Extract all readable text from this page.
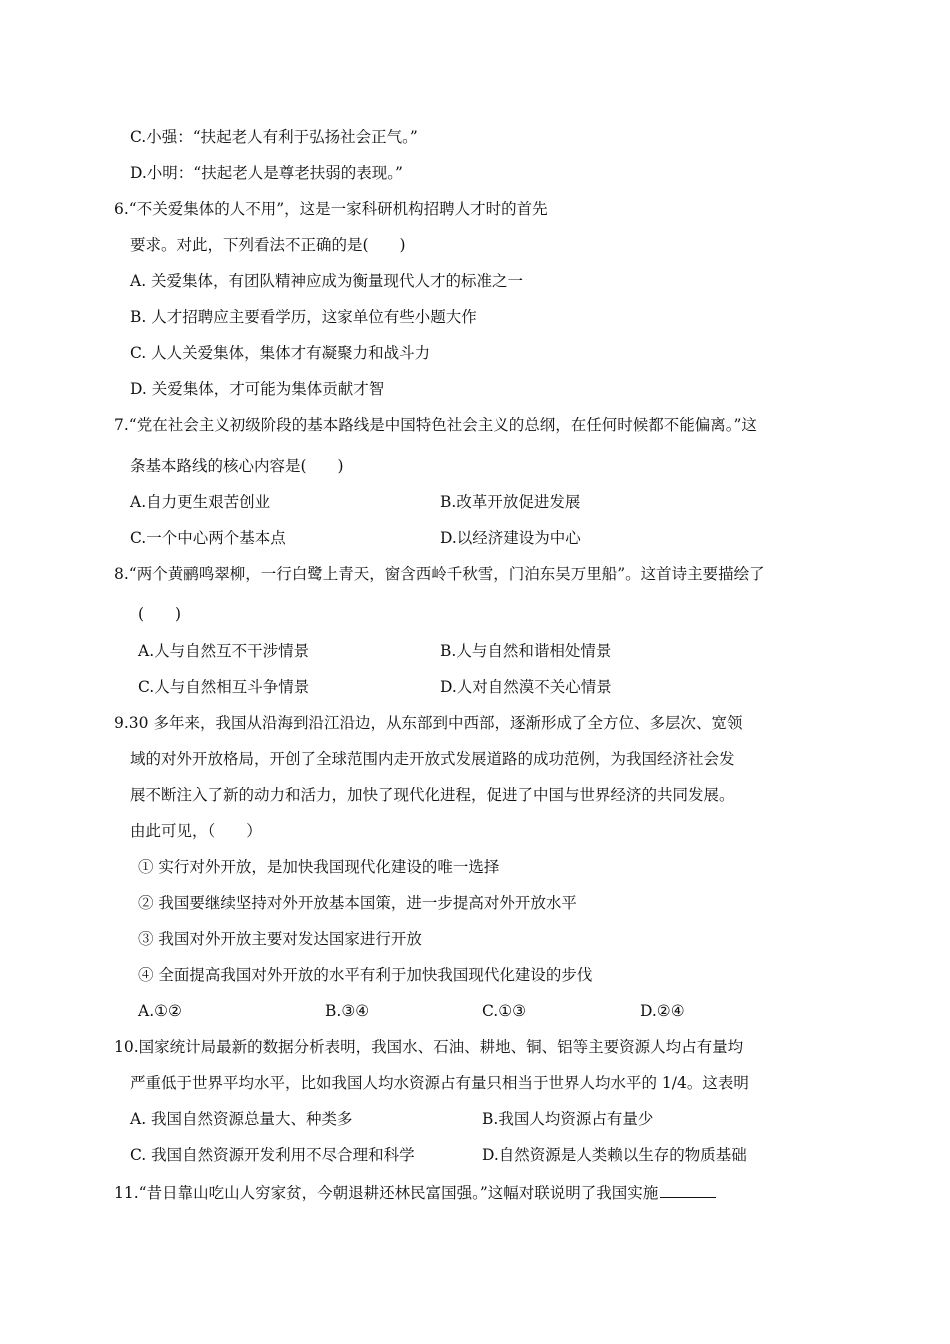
C.小强：“扶起老人有利于弘扬社会正气。”
D.小明：“扶起老人是尊老扶弱的表现。”
6.“不关爱集体的人不用”，这是一家科研机构招聘人才时的首先
要求。对此，下列看法不正确的是(　　)
A. 关爱集体，有团队精神应成为衡量现代人才的标准之一
B. 人才招聘应主要看学历，这家单位有些小题大作
C. 人人关爱集体，集体才有凝聚力和战斗力
D. 关爱集体，才可能为集体贡献才智
7.“党在社会主义初级阶段的基本路线是中国特色社会主义的总纲，在任何时候都不能偏离。”这
条基本路线的核心内容是(　　)
A.自力更生艰苦创业	B.改革开放促进发展
C.一个中心两个基本点	D.以经济建设为中心
8.“两个黄鹂鸣翠柳，一行白鹭上青天，窗含西岭千秋雪，门泊东吴万里船”。这首诗主要描绘了
(　　)
A.人与自然互不干涉情景	B.人与自然和谐相处情景
C.人与自然相互斗争情景	D.人对自然漠不关心情景
9.30 多年来，我国从沿海到沿江沿边，从东部到中西部，逐渐形成了全方位、多层次、宽领
域的对外开放格局，开创了全球范围内走开放式发展道路的成功范例，为我国经济社会发
展不断注入了新的动力和活力，加快了现代化进程，促进了中国与世界经济的共同发展。
由此可见，（　　）
① 实行对外开放，是加快我国现代化建设的唯一选择
② 我国要继续坚持对外开放基本国策，进一步提高对外开放水平
③ 我国对外开放主要对发达国家进行开放
④ 全面提高我国对外开放的水平有利于加快我国现代化建设的步伐
A.①②	B.③④	C.①③	D.②④
10.国家统计局最新的数据分析表明，我国水、石油、耕地、铜、铝等主要资源人均占有量均
严重低于世界平均水平，比如我国人均水资源占有量只相当于世界人均水平的 1/4。这表明
A. 我国自然资源总量大、种类多	B.我国人均资源占有量少
C. 我国自然资源开发利用不尽合理和科学	D.自然资源是人类赖以生存的物质基础
11.“昔日靠山吃山人穷家贫，今朝退耕还林民富国强。”这幅对联说明了我国实施
